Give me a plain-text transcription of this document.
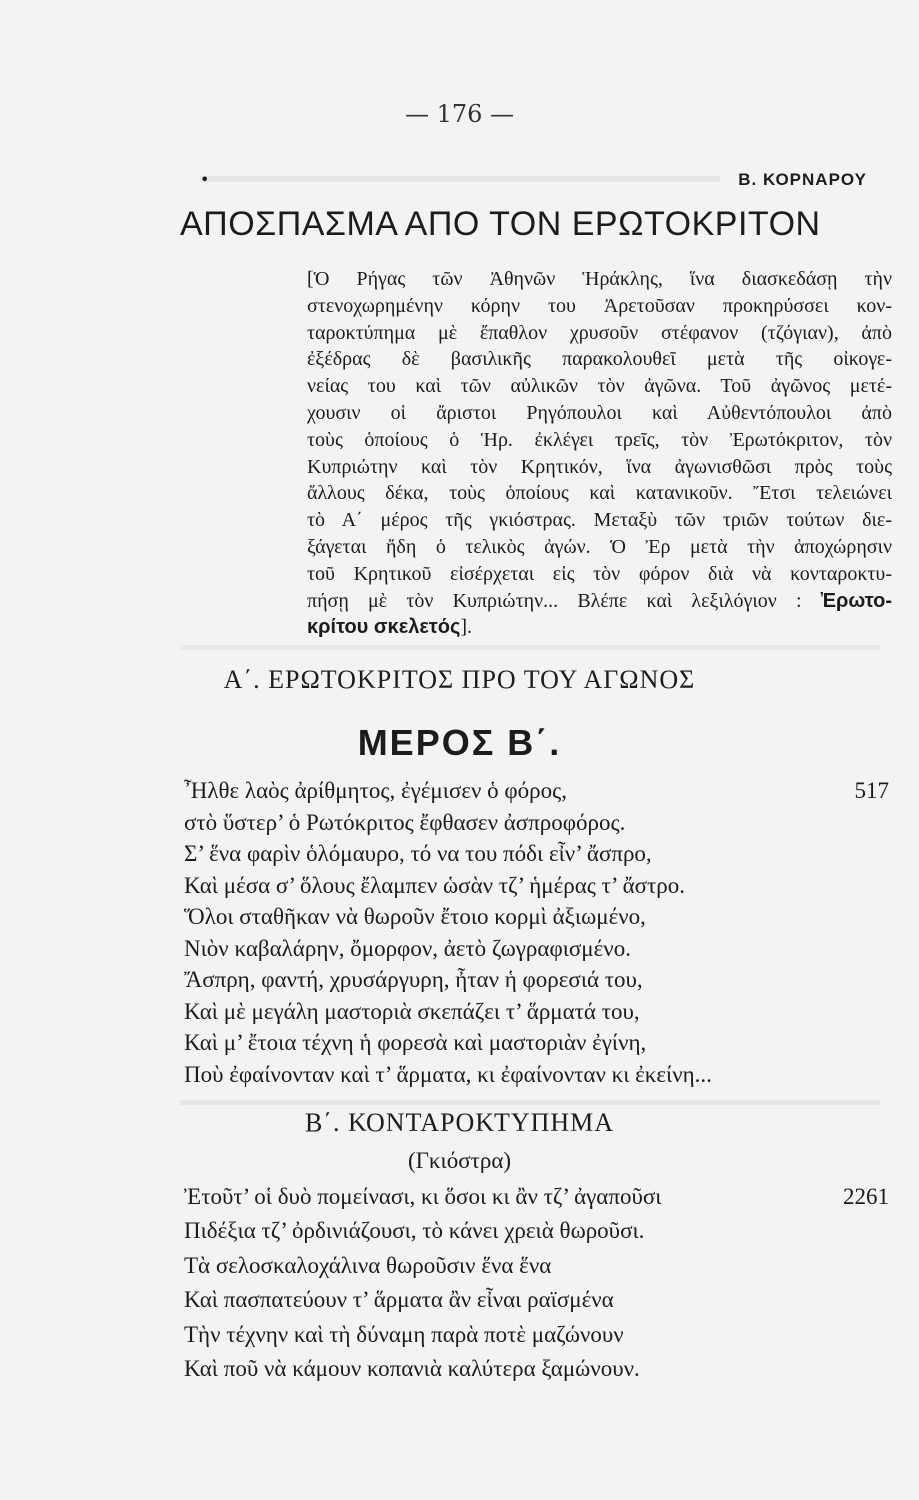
— 176 —
•	Β. ΚΟΡΝΑΡΟΥ
ΑΠΟΣΠΑΣΜΑ ΑΠΟ ΤΟΝ ΕΡΩΤΟΚΡΙΤΟΝ
[Ὁ Ρήγας τῶν Ἀθηνῶν Ἡράκλης, ἵνα διασκεδάσῃ τὴν
στενοχωρημένην κόρην του Ἀρετοῦσαν προκηρύσσει κον-
ταροκτύπημα μὲ ἔπαθλον χρυσοῦν στέφανον (τζόγιαν), ἀπὸ
ἐξέδρας δὲ βασιλικῆς παρακολουθεῖ μετὰ τῆς οἰκογε-
νείας του καὶ τῶν αὐλικῶν τὸν ἀγῶνα. Τοῦ ἀγῶνος μετέ-
χουσιν οἱ ἄριστοι Ρηγόπουλοι καὶ Αὐθεντόπουλοι ἀπὸ
τοὺς ὁποίους ὁ Ἡρ. ἐκλέγει τρεῖς, τὸν Ἐρωτόκριτον, τὸν
Κυπριώτην καὶ τὸν Κρητικόν, ἵνα ἀγωνισθῶσι πρὸς τοὺς
ἄλλους δέκα, τοὺς ὁποίους καὶ κατανικοῦν. Ἔτσι τελειώνει
τὸ Α΄ μέρος τῆς γκιόστρας. Μεταξὺ τῶν τριῶν τούτων διε-
ξάγεται ἤδη ὁ τελικὸς ἀγών. Ὁ Ἐρ μετὰ τὴν ἀποχώρησιν
τοῦ Κρητικοῦ εἰσέρχεται εἰς τὸν φόρον διὰ νὰ κονταροκτυ-
πήσῃ μὲ τὸν Κυπριώτην... Βλέπε καὶ λεξιλόγιον : Ἐρωτο-
κρίτου σκελετός].
Α΄. ΕΡΩΤΟΚΡΙΤΟΣ ΠΡΟ ΤΟΥ ΑΓΩΝΟΣ
ΜΕΡΟΣ Β΄.
Ἦλθε λαὸς ἀρίθμητος, ἐγέμισεν ὁ φόρος,	517
στὸ ὕστερ’ ὁ Ρωτόκριτος ἔφθασεν ἀσπροφόρος.
Σ’ ἕνα φαρὶν ὁλόμαυρο, τό να του πόδι εἶν’ ἄσπρο,
Καὶ μέσα σ’ ὅλους ἔλαμπεν ὡσὰν τζ’ ἡμέρας τ’ ἄστρο.
Ὅλοι σταθῆκαν νὰ θωροῦν ἔτοιο κορμὶ ἀξιωμένο,
Νιὸν καβαλάρην, ὄμορφον, ἀετὸ ζωγραφισμένο.
Ἄσπρη, φαντή, χρυσάργυρη, ἦταν ἡ φορεσιά του,
Καὶ μὲ μεγάλη μαστοριὰ σκεπάζει τ’ ἅρματά του,
Καὶ μ’ ἔτοια τέχνη ἡ φορεσὰ καὶ μαστοριὰν ἐγίνη,
Ποὺ ἐφαίνονταν καὶ τ’ ἅρματα, κι ἐφαίνονταν κι ἐκείνη...
Β΄. ΚΟΝΤΑΡΟΚΤΥΠΗΜΑ
(Γκιόστρα)
Ἐτοῦτ’ οἱ δυὸ πομείνασι, κι ὅσοι κι ἂν τζ’ ἀγαποῦσι	2261
Πιδέξια τζ’ ὀρδινιάζουσι, τὸ κάνει χρειὰ θωροῦσι.
Τὰ σελοσκαλοχάλινα θωροῦσιν ἕνα ἕνα
Καὶ πασπατεύουν τ’ ἅρματα ἂν εἶναι ραϊσμένα
Τὴν τέχνην καὶ τὴ δύναμη παρὰ ποτὲ μαζώνουν
Καὶ ποῦ νὰ κάμουν κοπανιὰ καλύτερα ξαμώνουν.
